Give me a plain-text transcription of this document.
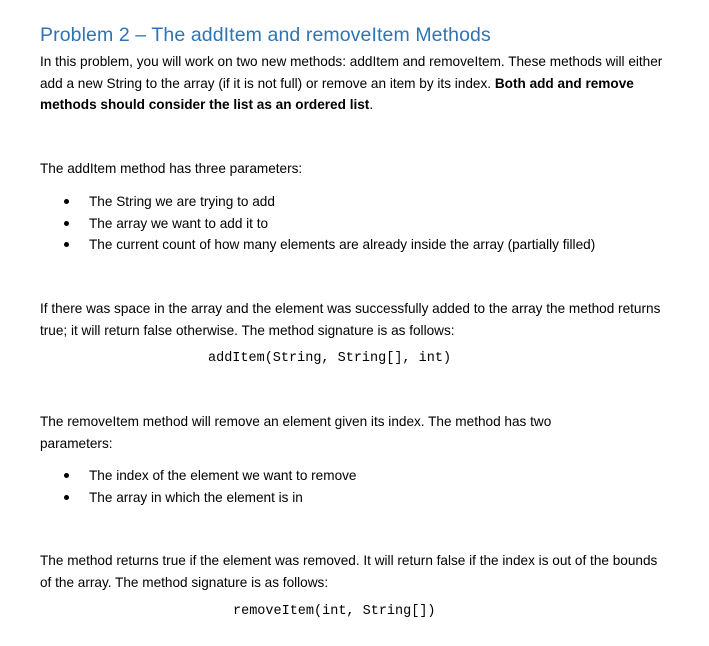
Problem 2 – The addItem and removeItem Methods

In this problem, you will work on two new methods: addItem and removeItem. These methods will either add a new String to the array (if it is not full) or remove an item by its index. Both add and remove methods should consider the list as an ordered list.

The addItem method has three parameters:

The String we are trying to add
The array we want to add it to
The current count of how many elements are already inside the array (partially filled)

If there was space in the array and the element was successfully added to the array the method returns true; it will return false otherwise. The method signature is as follows:

addItem(String, String[], int)

The removeItem method will remove an element given its index. The method has two parameters:

The index of the element we want to remove
The array in which the element is in

The method returns true if the element was removed. It will return false if the index is out of the bounds of the array. The method signature is as follows:

removeItem(int, String[])
